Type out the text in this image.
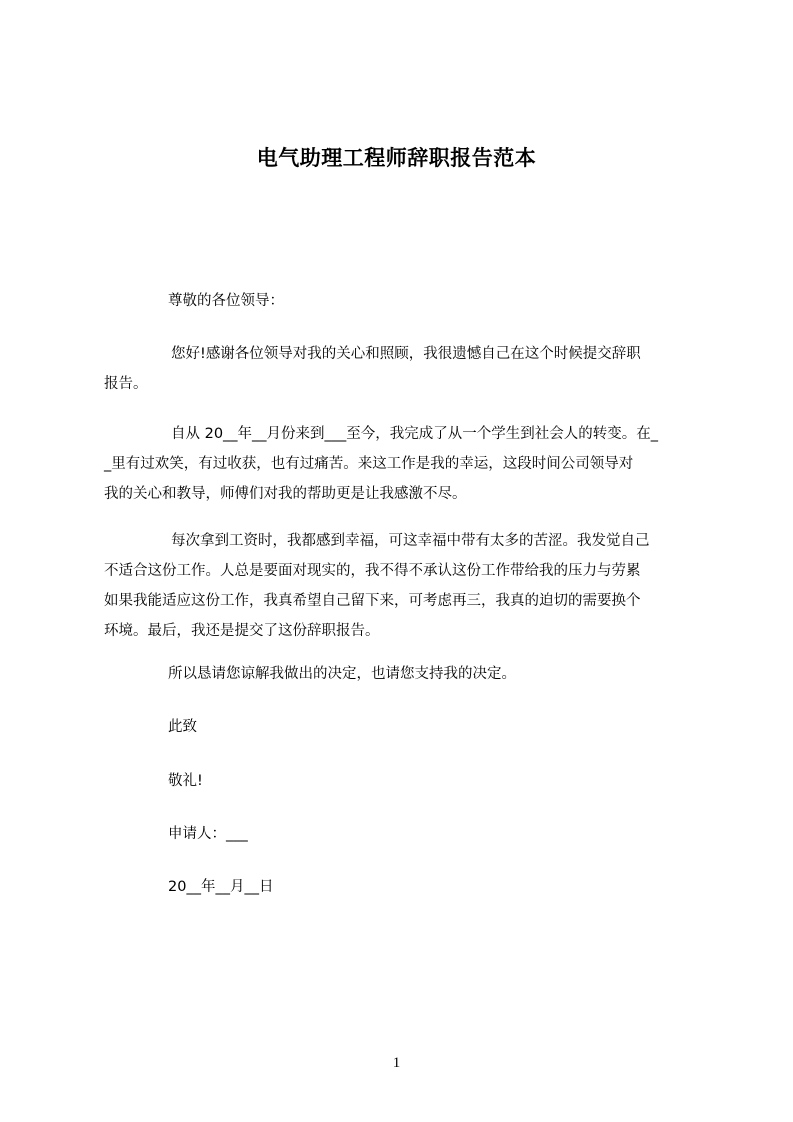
电气助理工程师辞职报告范本
尊敬的各位领导：
您好!感谢各位领导对我的关心和照顾，我很遗憾自己在这个时候提交辞职
报告。
自从 20__年__月份来到___至今，我完成了从一个学生到社会人的转变。在_
_里有过欢笑，有过收获，也有过痛苦。来这工作是我的幸运，这段时间公司领导对
我的关心和教导，师傅们对我的帮助更是让我感激不尽。
每次拿到工资时，我都感到幸福，可这幸福中带有太多的苦涩。我发觉自己
不适合这份工作。人总是要面对现实的，我不得不承认这份工作带给我的压力与劳累
如果我能适应这份工作，我真希望自己留下来，可考虑再三，我真的迫切的需要换个
环境。最后，我还是提交了这份辞职报告。
所以恳请您谅解我做出的决定，也请您支持我的决定。
此致
敬礼!
申请人：___
20__年__月__日
1
